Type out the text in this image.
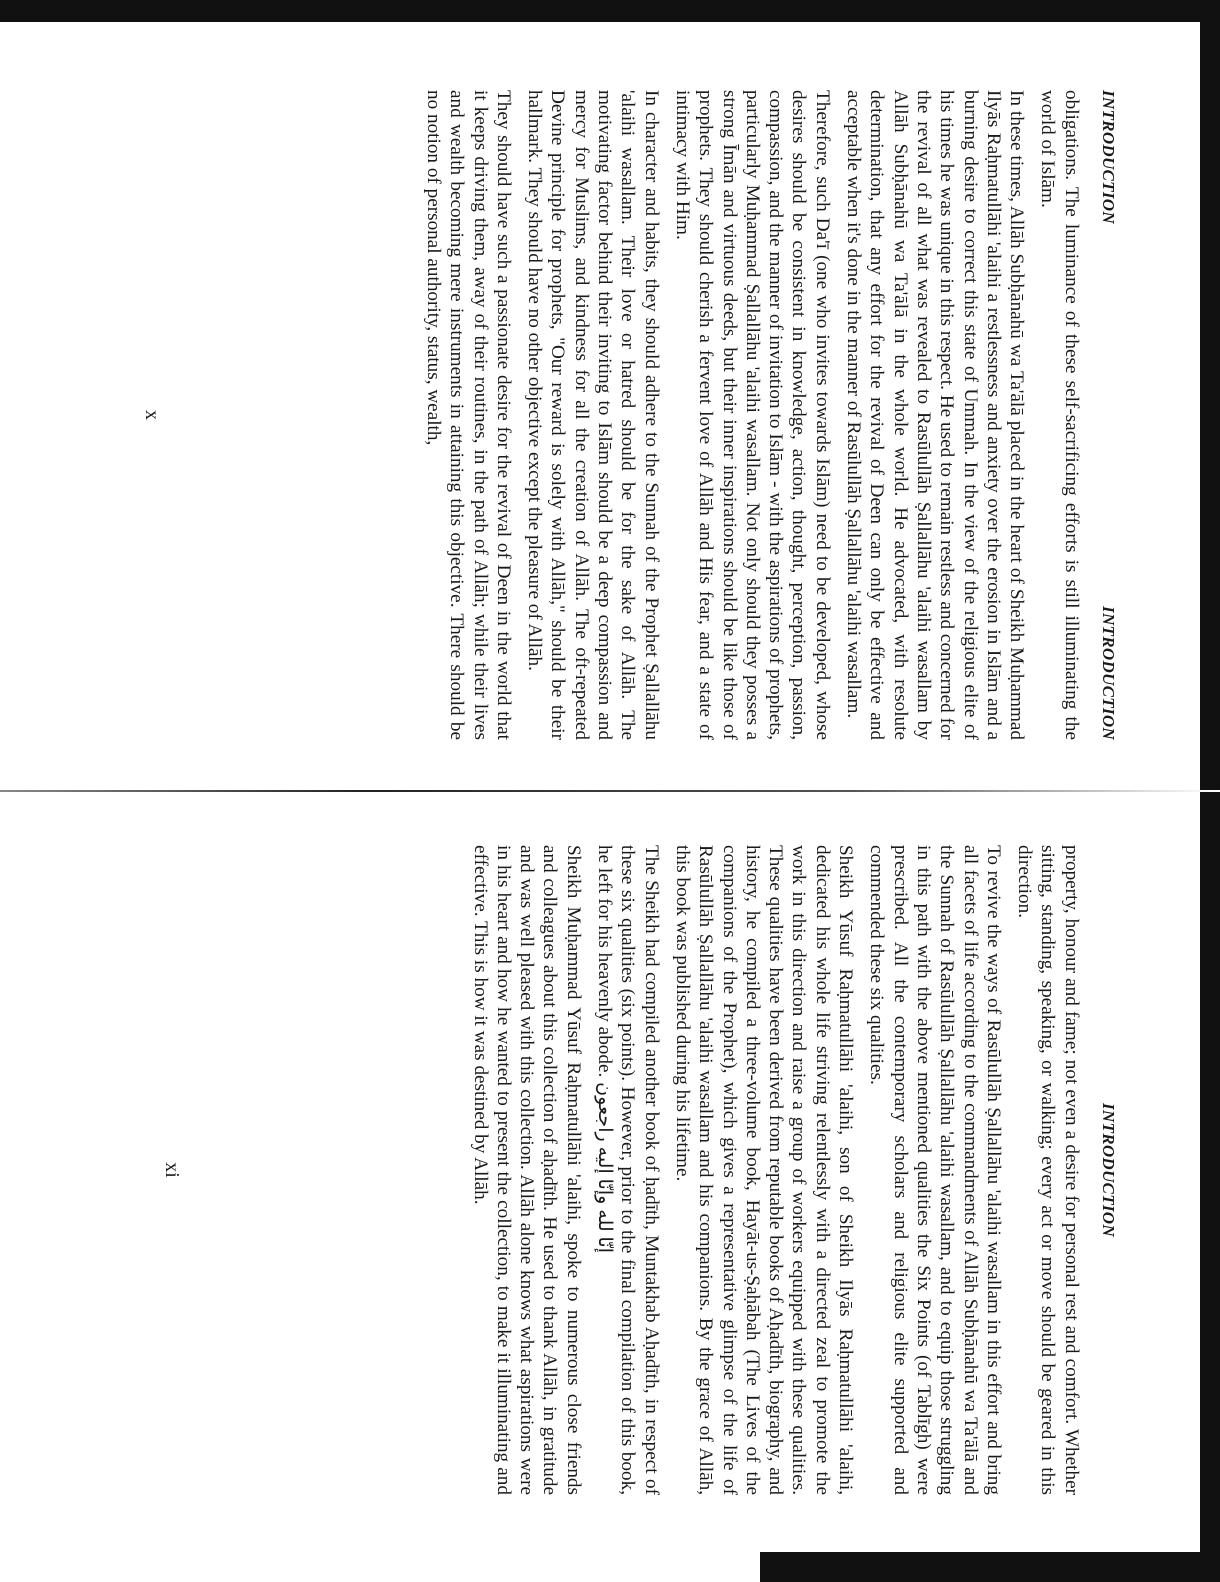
INTRODUCTION
INTRODUCTION

obligations. The luminance of these self-sacrificing efforts is still illuminating the world of Islām.

In these times, Allāh Subḥānahū wa Ta'ālā placed in the heart of Sheikh Muḥammad Ilyās Raḥmatullāhi 'alaihi a restlessness and anxiety over the erosion in Islām and a burning desire to correct this state of Ummah. In the view of the religious elite of his times he was unique in this respect. He used to remain restless and concerned for the revival of all what was revealed to Rasūlullāh Ṣallallāhu 'alaihi wasallam by Allāh Subḥānahū wa Ta'ālā in the whole world. He advocated, with resolute determination, that any effort for the revival of Deen can only be effective and acceptable when it's done in the manner of Rasūlullāh Ṣallallāhu 'alaihi wasallam.

Therefore, such Da'ī (one who invites towards Islām) need to be developed, whose desires should be consistent in knowledge, action, thought, perception, passion, compassion, and the manner of invitation to Islām - with the aspirations of prophets, particularly Muḥammad Ṣallallāhu 'alaihi wasallam. Not only should they posses a strong Īmān and virtuous deeds, but their inner inspirations should be like those of prophets. They should cherish a fervent love of Allāh and His fear, and a state of intimacy with Him.

In character and habits, they should adhere to the Sunnah of the Prophet Ṣallallāhu 'alaihi wasallam. Their love or hatred should be for the sake of Allāh. The motivating factor behind their inviting to Islām should be a deep compassion and mercy for Muslims, and kindness for all the creation of Allāh. The oft-repeated Devine principle for prophets, "Our reward is solely with Allāh," should be their hallmark. They should have no other objective except the pleasure of Allāh.

They should have such a passionate desire for the revival of Deen in the world that it keeps driving them, away of their routines, in the path of Allāh; while their lives and wealth becoming mere instruments in attaining this objective. There should be no notion of personal authority, status, wealth,

x
INTRODUCTION

property, honour and fame; not even a desire for personal rest and comfort. Whether sitting, standing, speaking, or walking; every act or move should be geared in this direction.

To revive the ways of Rasūlullāh Ṣallallāhu 'alaihi wasallam in this effort and bring all facets of life according to the commandments of Allāh Subḥānahū wa Ta'ālā and the Sunnah of Rasūlullāh Ṣallallāhu 'alaihi wasallam, and to equip those struggling in this path with the above mentioned qualities the Six Points (of Tablīgh) were prescribed. All the contemporary scholars and religious elite supported and commended these six qualities.

Sheikh Yūsuf Raḥmatullāhi 'alaihi, son of Sheikh Ilyās Raḥmatullāhi 'alaihi, dedicated his whole life striving relentlessly with a directed zeal to promote the work in this direction and raise a group of workers equipped with these qualities. These qualities have been derived from reputable books of Aḥadīth, biography, and history, he compiled a three-volume book, Hayāt-us-Ṣaḥābah (The Lives of the companions of the Prophet), which gives a representative glimpse of the life of Rasūlullāh Ṣallallāhu 'alaihi wasallam and his companions. By the grace of Allāh, this book was published during his lifetime.

The Sheikh had compiled another book of ḥadīth, Muntakhab Aḥadīth, in respect of these six qualities (six points). However, prior to the final compilation of this book, he left for his heavenly abode. إنّا لله وإنّا إليه راجعون

Sheikh Muḥammad Yūsuf Raḥmatullāhi 'alaihi, spoke to numerous close friends and colleagues about this collection of aḥadīth. He used to thank Allāh, in gratitude and was well pleased with this collection. Allāh alone knows what aspirations were in his heart and how he wanted to present the collection, to make it illuminating and effective. This is how it was destined by Allāh.

xi
